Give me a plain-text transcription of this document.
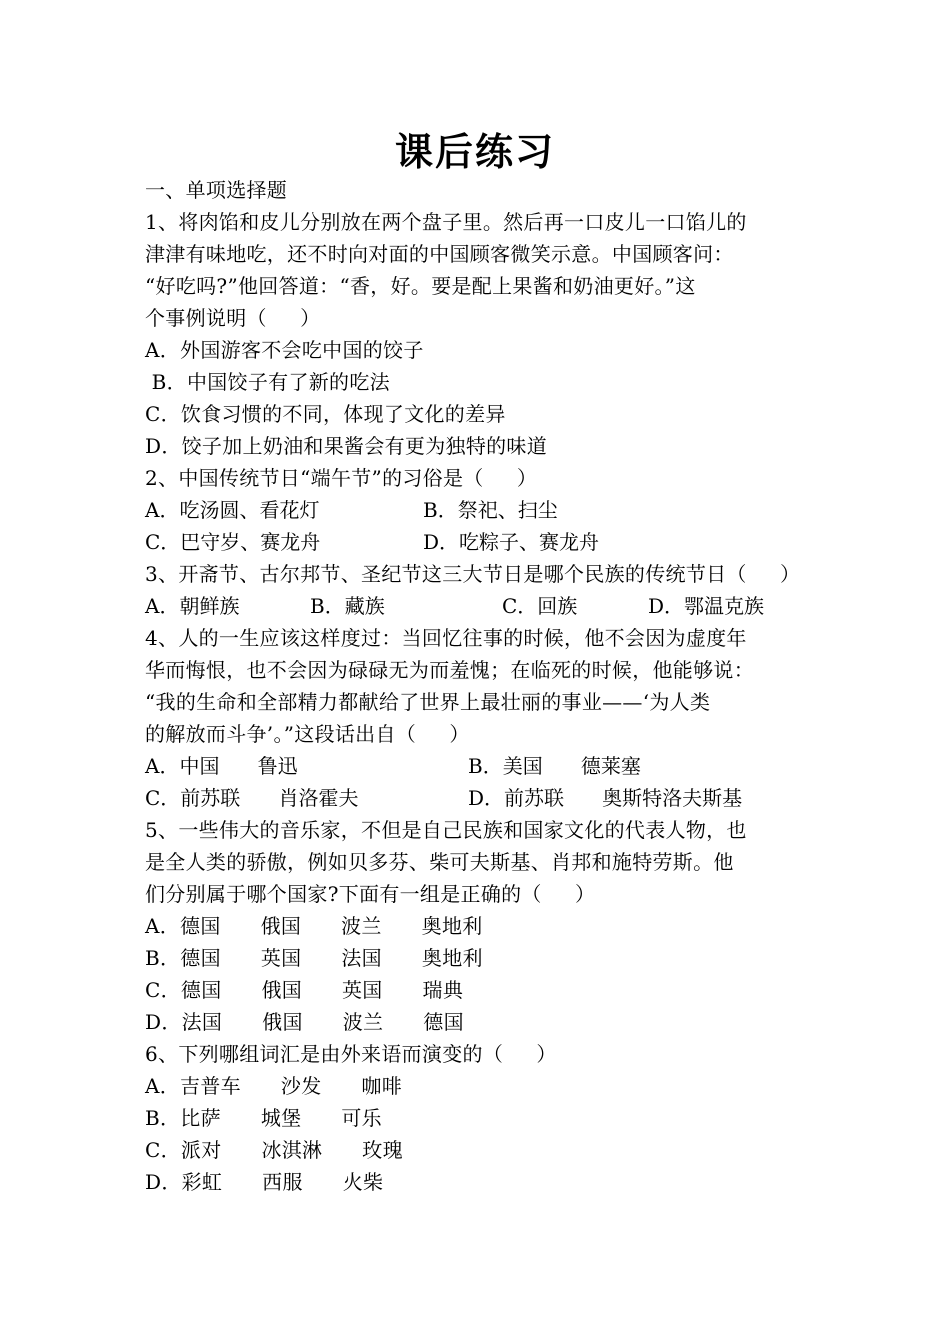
课后练习
一、单项选择题
1、将肉馅和皮儿分别放在两个盘子里。然后再一口皮儿一口馅儿的
津津有味地吃，还不时向对面的中国顾客微笑示意。中国顾客问：
“好吃吗?”他回答道：“香，好。要是配上果酱和奶油更好。”这
个事例说明（     ）
A．外国游客不会吃中国的饺子
B．中国饺子有了新的吃法
C．饮食习惯的不同，体现了文化的差异
D．饺子加上奶油和果酱会有更为独特的味道
2、中国传统节日“端午节”的习俗是（     ）
A．吃汤圆、看花灯	B．祭祀、扫尘
C．巴守岁、赛龙舟	D．吃粽子、赛龙舟
3、开斋节、古尔邦节、圣纪节这三大节日是哪个民族的传统节日（     ）
A．朝鲜族	B．藏族	C．回族	D．鄂温克族
4、人的一生应该这样度过：当回忆往事的时候，他不会因为虚度年
华而悔恨，也不会因为碌碌无为而羞愧；在临死的时候，他能够说：
“我的生命和全部精力都献给了世界上最壮丽的事业——‘为人类
的解放而斗争’。”这段话出自（     ）
A．中国      鲁迅	B．美国      德莱塞
C．前苏联      肖洛霍夫	D．前苏联      奥斯特洛夫斯基
5、一些伟大的音乐家，不但是自己民族和国家文化的代表人物，也
是全人类的骄傲，例如贝多芬、柴可夫斯基、肖邦和施特劳斯。他
们分别属于哪个国家?下面有一组是正确的（     ）
A．德国      俄国      波兰      奥地利
B．德国      英国      法国      奥地利
C．德国      俄国      英国      瑞典
D．法国      俄国      波兰      德国
6、下列哪组词汇是由外来语而演变的（     ）
A．吉普车      沙发      咖啡
B．比萨      城堡      可乐
C．派对      冰淇淋      玫瑰
D．彩虹      西服      火柴
